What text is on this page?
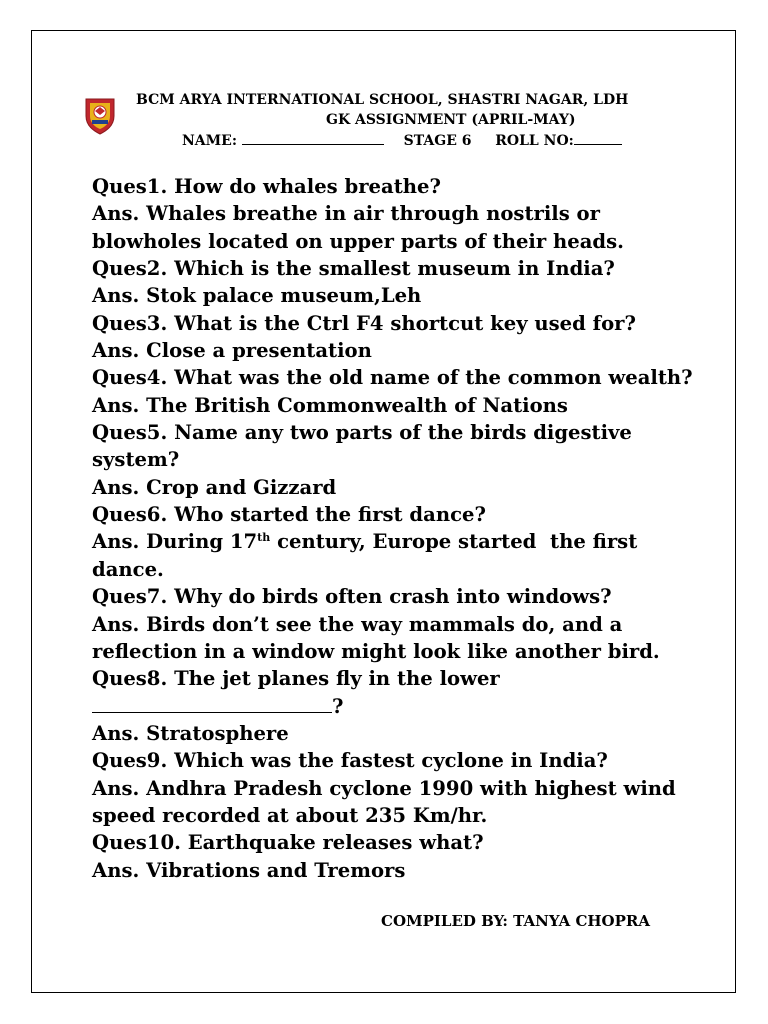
BCM ARYA INTERNATIONAL SCHOOL, SHASTRI NAGAR, LDH
GK ASSIGNMENT (APRIL-MAY)
NAME:	STAGE 6 ROLL NO:

Ques1. How do whales breathe?

Ans. Whales breathe in air through nostrils or

blowholes located on upper parts of their heads.

Ques2. Which is the smallest museum in India?

Ans. Stok palace museum,Leh

Ques3. What is the Ctrl F4 shortcut key used for?

Ans. Close a presentation

Ques4. What was the old name of the common wealth?

Ans. The British Commonwealth of Nations

Ques5. Name any two parts of the birds digestive

system?

Ans. Crop and Gizzard

Ques6. Who started the first dance?

Ans. During 17th century, Europe started  the first

dance.

Ques7. Why do birds often crash into windows?

Ans. Birds don’t see the way mammals do, and a

reflection in a window might look like another bird.

Ques8. The jet planes fly in the lower

?

Ans. Stratosphere

Ques9. Which was the fastest cyclone in India?

Ans. Andhra Pradesh cyclone 1990 with highest wind

speed recorded at about 235 Km/hr.

Ques10. Earthquake releases what?

Ans. Vibrations and Tremors

COMPILED BY: TANYA CHOPRA
